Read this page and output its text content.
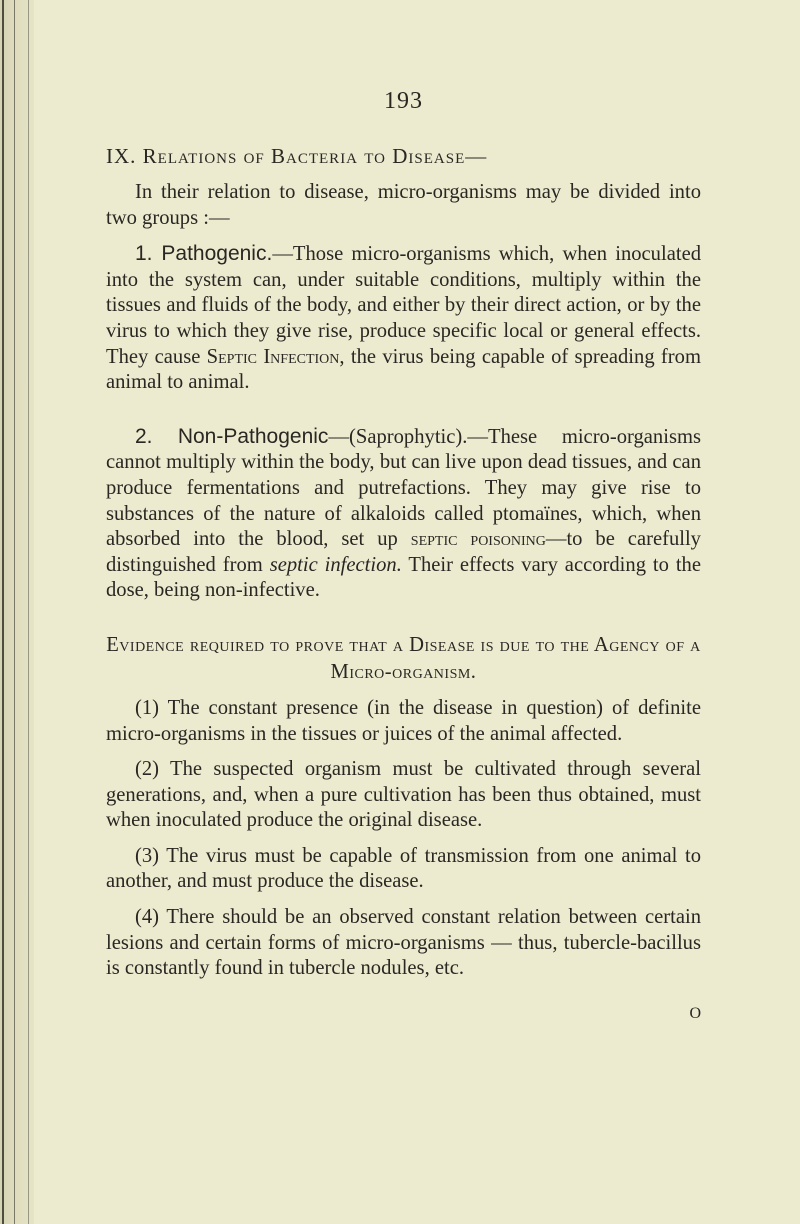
193
IX. Relations of Bacteria to Disease—

In their relation to disease, micro-organisms may be divided into two groups :—

1. Pathogenic.—Those micro-organisms which, when inoculated into the system can, under suitable conditions, multiply within the tissues and fluids of the body, and either by their direct action, or by the virus to which they give rise, produce specific local or general effects. They cause Septic Infection, the virus being capable of spreading from animal to animal.

2. Non-Pathogenic—(Saprophytic).—These micro-organisms cannot multiply within the body, but can live upon dead tissues, and can produce fermentations and putrefactions. They may give rise to substances of the nature of alkaloids called ptomaïnes, which, when absorbed into the blood, set up septic poisoning—to be carefully distinguished from septic infection. Their effects vary according to the dose, being non-infective.

Evidence required to prove that a Disease is due to the Agency of a Micro-organism.

(1) The constant presence (in the disease in question) of definite micro-organisms in the tissues or juices of the animal affected.

(2) The suspected organism must be cultivated through several generations, and, when a pure cultivation has been thus obtained, must when inoculated produce the original disease.

(3) The virus must be capable of transmission from one animal to another, and must produce the disease.

(4) There should be an observed constant relation between certain lesions and certain forms of micro-organisms — thus, tubercle-bacillus is constantly found in tubercle nodules, etc.

O
